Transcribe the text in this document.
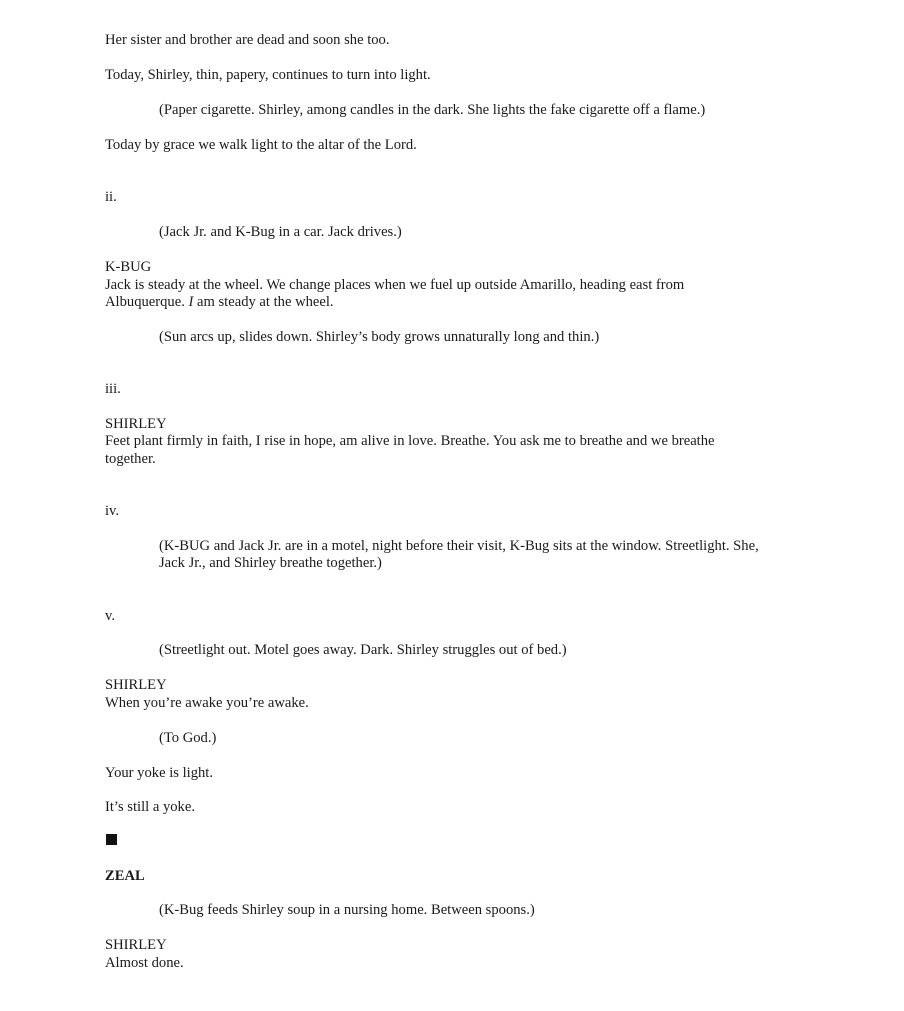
Her sister and brother are dead and soon she too.
Today, Shirley, thin, papery, continues to turn into light.
(Paper cigarette. Shirley, among candles in the dark. She lights the fake cigarette off a flame.)
Today by grace we walk light to the altar of the Lord.
ii.
(Jack Jr. and K-Bug in a car. Jack drives.)
K-BUG
Jack is steady at the wheel. We change places when we fuel up outside Amarillo, heading east from
Albuquerque. I am steady at the wheel.
(Sun arcs up, slides down. Shirley’s body grows unnaturally long and thin.)
iii.
SHIRLEY
Feet plant firmly in faith, I rise in hope, am alive in love. Breathe. You ask me to breathe and we breathe
together.
iv.
(K-BUG and Jack Jr. are in a motel, night before their visit, K-Bug sits at the window. Streetlight. She,
Jack Jr., and Shirley breathe together.)
v.
(Streetlight out. Motel goes away. Dark. Shirley struggles out of bed.)
SHIRLEY
When you’re awake you’re awake.
(To God.)
Your yoke is light.
It’s still a yoke.
ZEAL
(K-Bug feeds Shirley soup in a nursing home. Between spoons.)
SHIRLEY
Almost done.
